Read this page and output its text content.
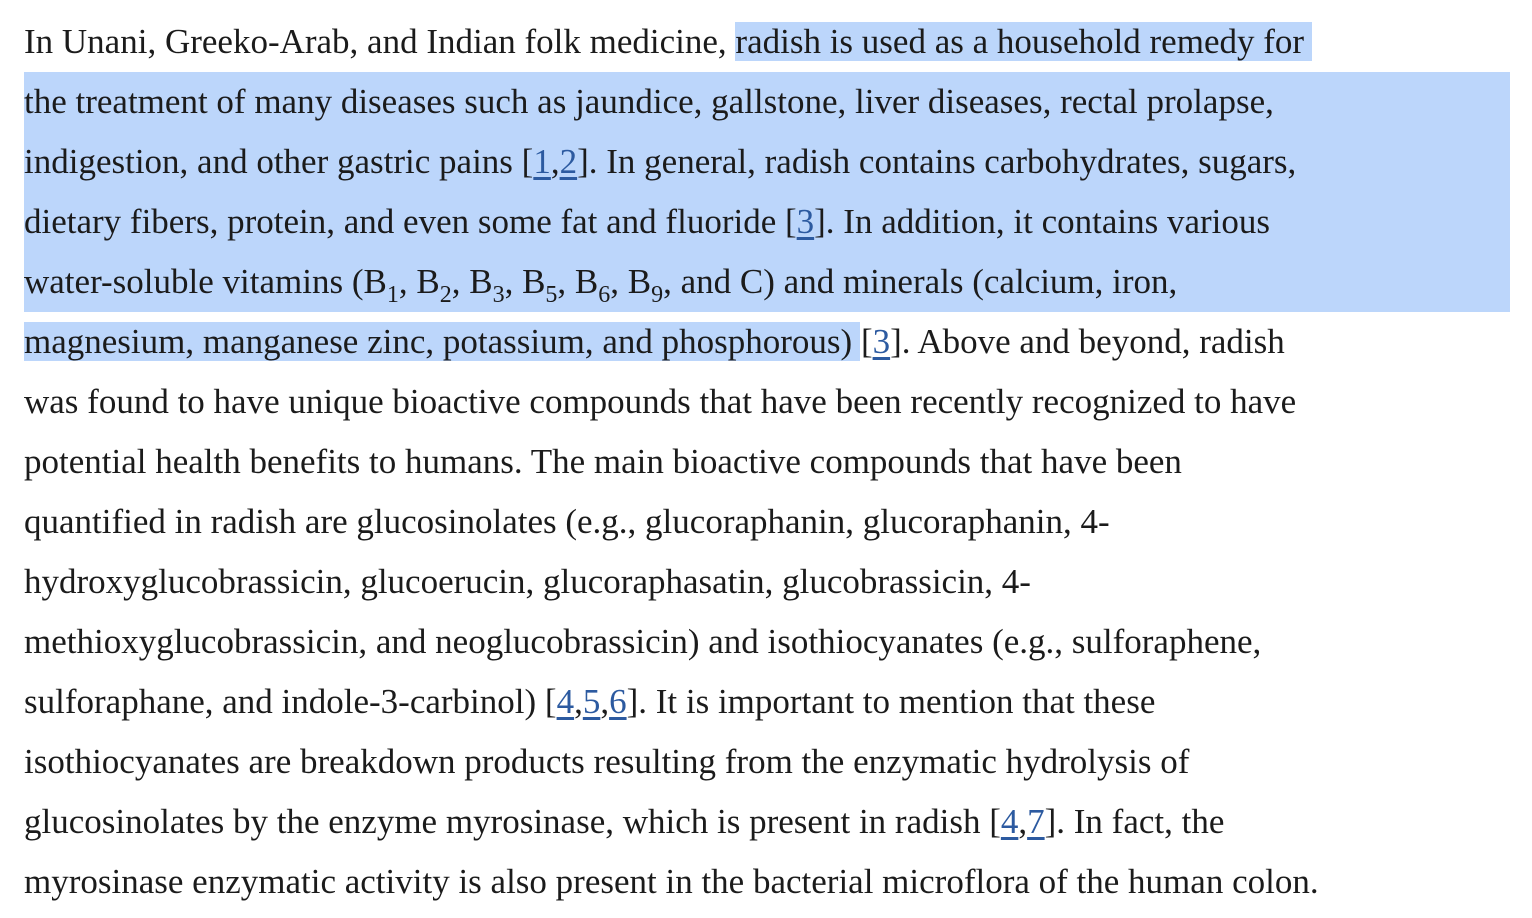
In Unani, Greeko-Arab, and Indian folk medicine, radish is used as a household remedy for
the treatment of many diseases such as jaundice, gallstone, liver diseases, rectal prolapse,
indigestion, and other gastric pains [1,2]. In general, radish contains carbohydrates, sugars,
dietary fibers, protein, and even some fat and fluoride [3]. In addition, it contains various
water-soluble vitamins ($B_1$, $B_2$, $B_3$, $B_5$, $B_6$, $B_9$, and C) and minerals (calcium, iron,
magnesium, manganese zinc, potassium, and phosphorous) [3]. Above and beyond, radish
was found to have unique bioactive compounds that have been recently recognized to have
potential health benefits to humans. The main bioactive compounds that have been
quantified in radish are glucosinolates (e.g., glucoraphanin, glucoraphanin, 4-
hydroxyglucobrassicin, glucoerucin, glucoraphasatin, glucobrassicin, 4-
methioxyglucobrassicin, and neoglucobrassicin) and isothiocyanates (e.g., sulforaphene,
sulforaphane, and indole-3-carbinol) [4,5,6]. It is important to mention that these
isothiocyanates are breakdown products resulting from the enzymatic hydrolysis of
glucosinolates by the enzyme myrosinase, which is present in radish [4,7]. In fact, the
myrosinase enzymatic activity is also present in the bacterial microflora of the human colon.
